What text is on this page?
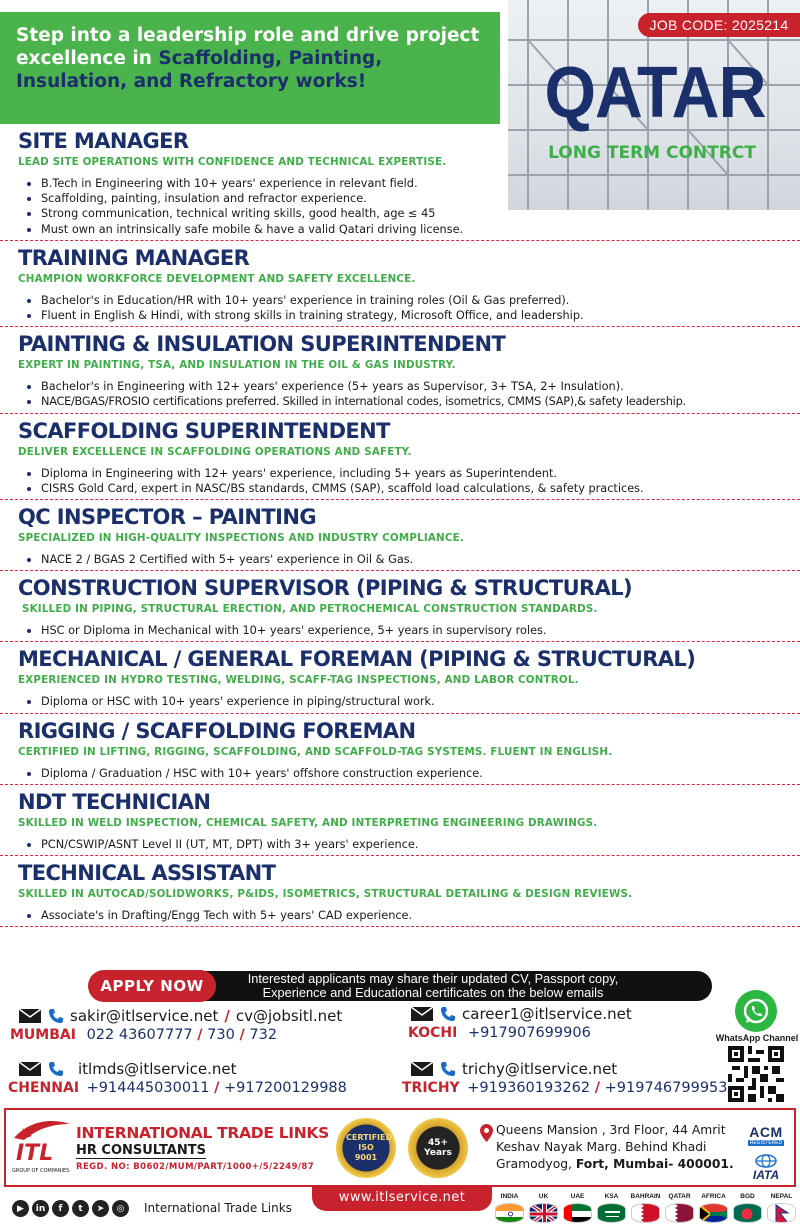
Step into a leadership role and drive project excellence in Scaffolding, Painting, Insulation, and Refractory works!
JOB CODE: 2025214
QATAR
LONG TERM CONTRCT
SITE MANAGER
LEAD SITE OPERATIONS WITH CONFIDENCE AND TECHNICAL EXPERTISE.
B.Tech in Engineering with 10+ years' experience in relevant field.
Scaffolding, painting, insulation and refractor experience.
Strong communication, technical writing skills, good health, age ≤ 45
Must own an intrinsically safe mobile & have a valid Qatari driving license.
TRAINING MANAGER
CHAMPION WORKFORCE DEVELOPMENT AND SAFETY EXCELLENCE.
Bachelor's in Education/HR with 10+ years' experience in training roles (Oil & Gas preferred).
Fluent in English & Hindi, with strong skills in training strategy, Microsoft Office, and leadership.
PAINTING & INSULATION SUPERINTENDENT
EXPERT IN PAINTING, TSA, AND INSULATION IN THE OIL & GAS INDUSTRY.
Bachelor's in Engineering with 12+ years' experience (5+ years as Supervisor, 3+ TSA, 2+ Insulation).
NACE/BGAS/FROSIO certifications preferred. Skilled in international codes, isometrics, CMMS (SAP),& safety leadership.
SCAFFOLDING SUPERINTENDENT
DELIVER EXCELLENCE IN SCAFFOLDING OPERATIONS AND SAFETY.
Diploma in Engineering with 12+ years' experience, including 5+ years as Superintendent.
CISRS Gold Card, expert in NASC/BS standards, CMMS (SAP), scaffold load calculations, & safety practices.
QC INSPECTOR – PAINTING
SPECIALIZED IN HIGH-QUALITY INSPECTIONS AND INDUSTRY COMPLIANCE.
NACE 2 / BGAS 2 Certified with 5+ years' experience in Oil & Gas.
CONSTRUCTION SUPERVISOR (PIPING & STRUCTURAL)
SKILLED IN PIPING, STRUCTURAL ERECTION, AND PETROCHEMICAL CONSTRUCTION STANDARDS.
HSC or Diploma in Mechanical with 10+ years' experience, 5+ years in supervisory roles.
MECHANICAL / GENERAL FOREMAN (PIPING & STRUCTURAL)
EXPERIENCED IN HYDRO TESTING, WELDING, SCAFF-TAG INSPECTIONS, AND LABOR CONTROL.
Diploma or HSC with 10+ years' experience in piping/structural work.
RIGGING / SCAFFOLDING FOREMAN
CERTIFIED IN LIFTING, RIGGING, SCAFFOLDING, AND SCAFFOLD-TAG SYSTEMS. FLUENT IN ENGLISH.
Diploma / Graduation / HSC with 10+ years' offshore construction experience.
NDT TECHNICIAN
SKILLED IN WELD INSPECTION, CHEMICAL SAFETY, AND INTERPRETING ENGINEERING DRAWINGS.
PCN/CSWIP/ASNT Level II (UT, MT, DPT) with 3+ years' experience.
TECHNICAL ASSISTANT
SKILLED IN AUTOCAD/SOLIDWORKS, P&IDS, ISOMETRICS, STRUCTURAL DETAILING & DESIGN REVIEWS.
Associate's in Drafting/Engg Tech with 5+ years' CAD experience.
APPLY NOW	Interested applicants may share their updated CV, Passport copy,
Experience and Educational certificates on the below emails
sakir@itlservice.net / cv@jobsitl.net
MUMBAI 022 43607777 / 730 / 732
career1@itlservice.net
KOCHI +917907699906
itlmds@itlservice.net
CHENNAI +914445030011 / +917200129988
trichy@itlservice.net
TRICHY +919360193262 / +919746799953
WhatsApp Channel
ITL
GROUP OF COMPANIES
INTERNATIONAL TRADE LINKS
HR CONSULTANTS
REGD. NO: B0602/MUM/PART/1000+/5/2249/87
CERTIFIED ISO 9001
45+ Years
Queens Mansion , 3rd Floor, 44 Amrit
Keshav Nayak Marg. Behind Khadi
Gramodyog, Fort, Mumbai- 400001.
ACM
REGISTERED
IATA
▶	in	f	t	➤	◎	International Trade Links
www.itlservice.net	INDIA	UK	UAE	KSA	BAHRAIN	QATAR	AFRICA	BGD	NEPAL
